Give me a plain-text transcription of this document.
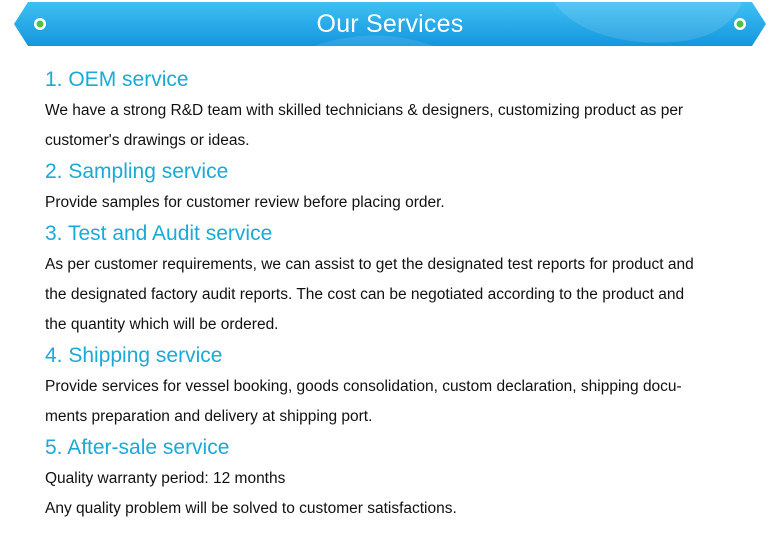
Our Services
1. OEM service
We have a strong R&D team with skilled technicians & designers, customizing product as per
customer's drawings or ideas.
2. Sampling service
Provide samples for customer review before placing order.
3. Test and Audit service
As per customer requirements, we can assist to get the designated test reports for product and
the designated factory audit reports. The cost can be negotiated according to the product and
the quantity which will be ordered.
4. Shipping service
Provide services for vessel booking, goods consolidation, custom declaration, shipping docu-
ments preparation and delivery at shipping port.
5. After-sale service
Quality warranty period: 12 months
Any quality problem will be solved to customer satisfactions.
